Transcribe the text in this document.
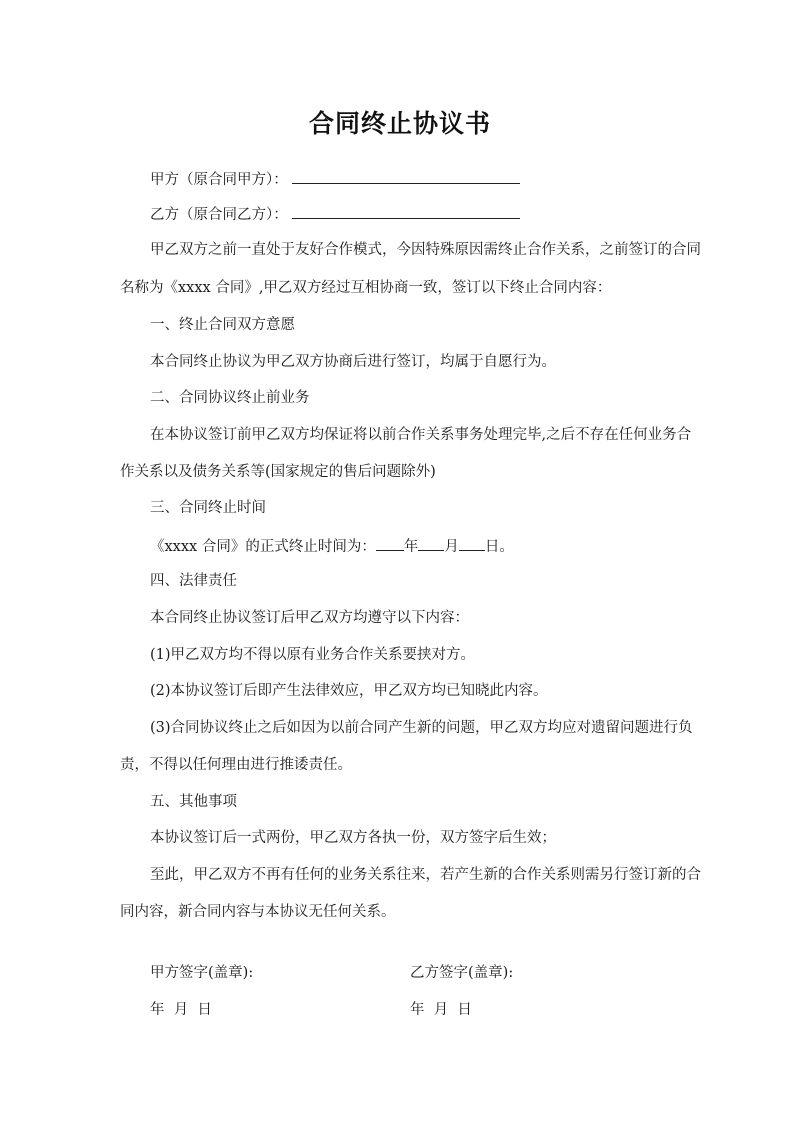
合同终止协议书
甲方（原合同甲方）：
乙方（原合同乙方）：
甲乙双方之前一直处于友好合作模式，今因特殊原因需终止合作关系，之前签订的合同
名称为《xxxx 合同》,甲乙双方经过互相协商一致，签订以下终止合同内容：
一、终止合同双方意愿
本合同终止协议为甲乙双方协商后进行签订，均属于自愿行为。
二、合同协议终止前业务
在本协议签订前甲乙双方均保证将以前合作关系事务处理完毕,之后不存在任何业务合
作关系以及债务关系等(国家规定的售后问题除外)
三、合同终止时间
《xxxx 合同》的正式终止时间为： 年 月 日。
四、法律责任
本合同终止协议签订后甲乙双方均遵守以下内容：
(1)甲乙双方均不得以原有业务合作关系要挟对方。
(2)本协议签订后即产生法律效应，甲乙双方均已知晓此内容。
(3)合同协议终止之后如因为以前合同产生新的问题，甲乙双方均应对遗留问题进行负
责，不得以任何理由进行推诿责任。
五、其他事项
本协议签订后一式两份，甲乙双方各执一份，双方签字后生效；
至此，甲乙双方不再有任何的业务关系往来，若产生新的合作关系则需另行签订新的合
同内容，新合同内容与本协议无任何关系。
甲方签字(盖章):	乙方签字(盖章):
年  月  日	年  月  日
